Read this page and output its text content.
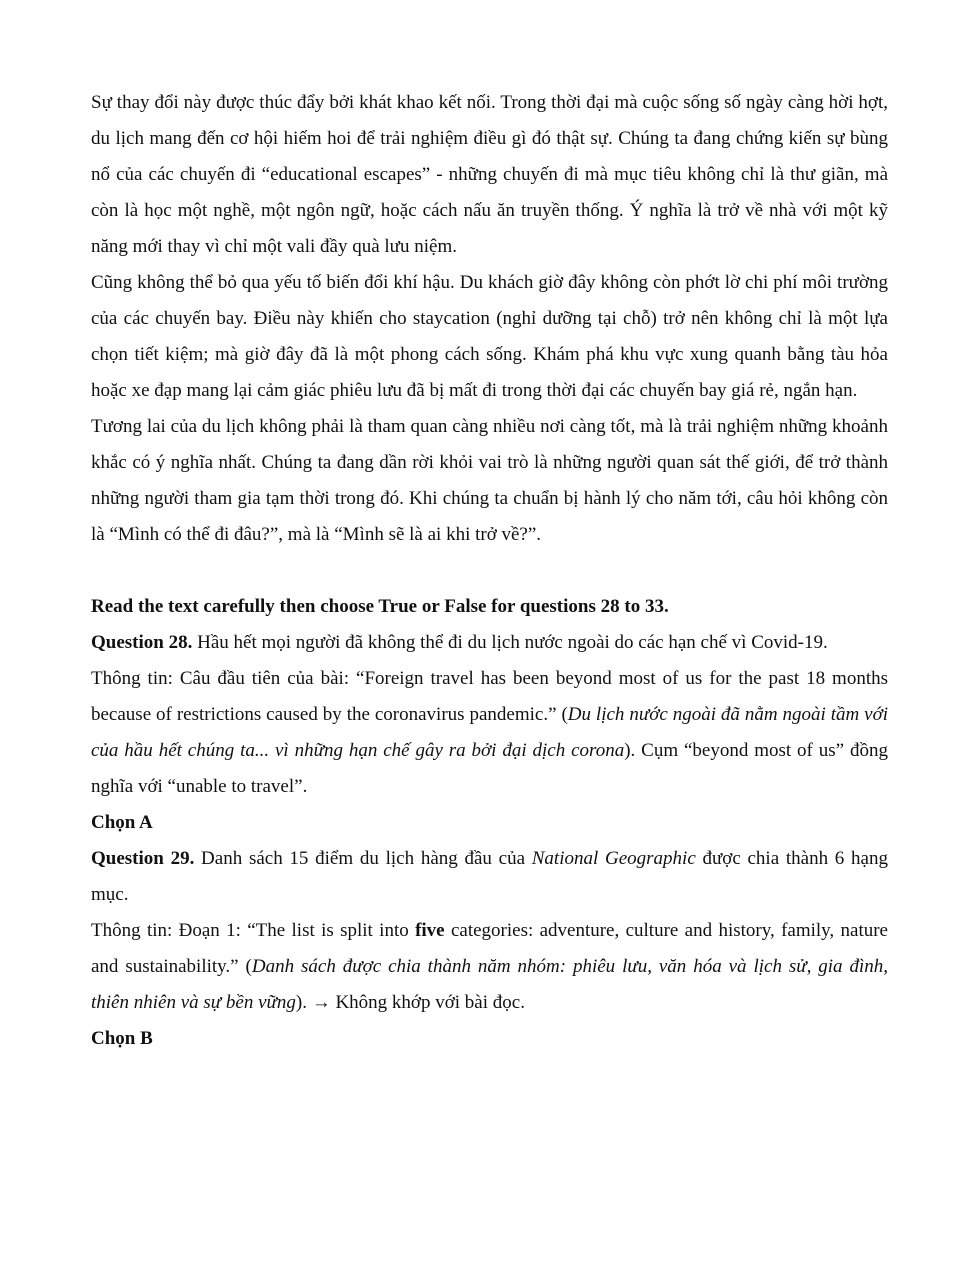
Sự thay đổi này được thúc đẩy bởi khát khao kết nối. Trong thời đại mà cuộc sống số ngày càng hời hợt, du lịch mang đến cơ hội hiếm hoi để trải nghiệm điều gì đó thật sự. Chúng ta đang chứng kiến sự bùng nổ của các chuyến đi “educational escapes” - những chuyến đi mà mục tiêu không chỉ là thư giãn, mà còn là học một nghề, một ngôn ngữ, hoặc cách nấu ăn truyền thống. Ý nghĩa là trở về nhà với một kỹ năng mới thay vì chỉ một vali đầy quà lưu niệm.

Cũng không thể bỏ qua yếu tố biến đổi khí hậu. Du khách giờ đây không còn phớt lờ chi phí môi trường của các chuyến bay. Điều này khiến cho staycation (nghỉ dưỡng tại chỗ) trở nên không chỉ là một lựa chọn tiết kiệm; mà giờ đây đã là một phong cách sống. Khám phá khu vực xung quanh bằng tàu hỏa hoặc xe đạp mang lại cảm giác phiêu lưu đã bị mất đi trong thời đại các chuyến bay giá rẻ, ngắn hạn.

Tương lai của du lịch không phải là tham quan càng nhiều nơi càng tốt, mà là trải nghiệm những khoảnh khắc có ý nghĩa nhất. Chúng ta đang dần rời khỏi vai trò là những người quan sát thế giới, để trở thành những người tham gia tạm thời trong đó. Khi chúng ta chuẩn bị hành lý cho năm tới, câu hỏi không còn là “Mình có thể đi đâu?”, mà là “Mình sẽ là ai khi trở về?”.

Read the text carefully then choose True or False for questions 28 to 33.

Question 28. Hầu hết mọi người đã không thể đi du lịch nước ngoài do các hạn chế vì Covid-19.

Thông tin: Câu đầu tiên của bài: “Foreign travel has been beyond most of us for the past 18 months because of restrictions caused by the coronavirus pandemic.” (Du lịch nước ngoài đã nằm ngoài tầm với của hầu hết chúng ta... vì những hạn chế gây ra bởi đại dịch corona). Cụm “beyond most of us” đồng nghĩa với “unable to travel”.

Chọn A

Question 29. Danh sách 15 điểm du lịch hàng đầu của National Geographic được chia thành 6 hạng mục.

Thông tin: Đoạn 1: “The list is split into five categories: adventure, culture and history, family, nature and sustainability.” (Danh sách được chia thành năm nhóm: phiêu lưu, văn hóa và lịch sử, gia đình, thiên nhiên và sự bền vững). → Không khớp với bài đọc.

Chọn B
